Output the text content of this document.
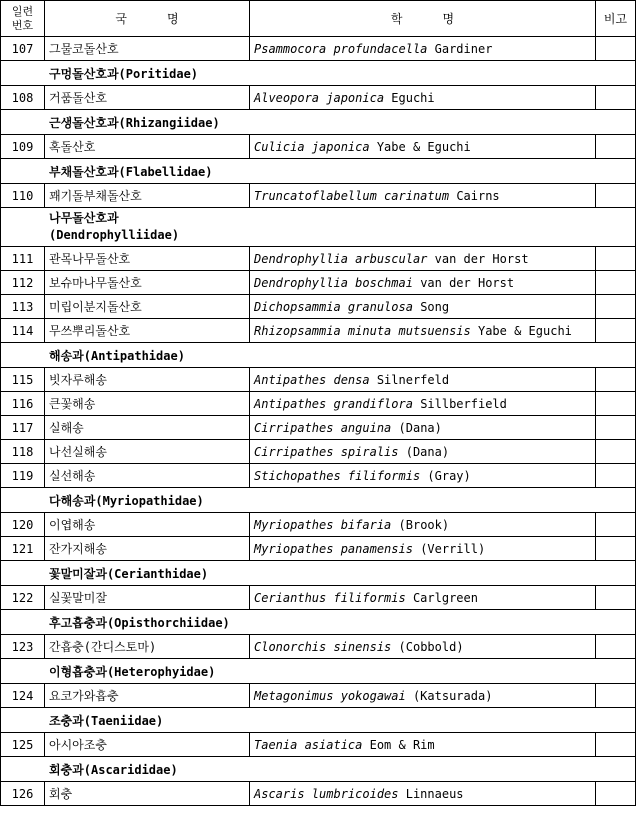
일련
번호	국 명	학 명	비고
107	그물코돌산호	Psammocora profundacella Gardiner	
구멍돌산호과(Poritidae)			
108	거품돌산호	Alveopora japonica Eguchi	
근생돌산호과(Rhizangiidae)			
109	혹돌산호	Culicia japonica Yabe & Eguchi	
부채돌산호과(Flabellidae)			
110	꽤기돌부채돌산호	Truncatoflabellum carinatum Cairns	
나무돌산호과
(Dendrophylliidae)			
111	관목나무돌산호	Dendrophyllia arbuscular van der Horst	
112	보슈마나무돌산호	Dendrophyllia boschmai van der Horst	
113	미립이분지돌산호	Dichopsammia granulosa Song	
114	무쓰뿌리돌산호	Rhizopsammia minuta mutsuensis Yabe & Eguchi	
해송과(Antipathidae)			
115	빗자루해송	Antipathes densa Silnerfeld	
116	큰꽃해송	Antipathes grandiflora Sillberfield	
117	실해송	Cirripathes anguina (Dana)	
118	나선실해송	Cirripathes spiralis (Dana)	
119	실선해송	Stichopathes filiformis (Gray)	
다해송과(Myriopathidae)			
120	이엽해송	Myriopathes bifaria (Brook)	
121	잔가지해송	Myriopathes panamensis (Verrill)	
꽃말미잘과(Cerianthidae)			
122	실꽃말미잘	Cerianthus filiformis Carlgreen	
후고흡충과(Opisthorchiidae)			
123	간흡충(간디스토마)	Clonorchis sinensis (Cobbold)	
이형흡충과(Heterophyidae)			
124	요코가와흡충	Metagonimus yokogawai (Katsurada)	
조충과(Taeniidae)			
125	아시아조충	Taenia asiatica Eom & Rim	
회충과(Ascarididae)			
126	회충	Ascaris lumbricoides Linnaeus	
